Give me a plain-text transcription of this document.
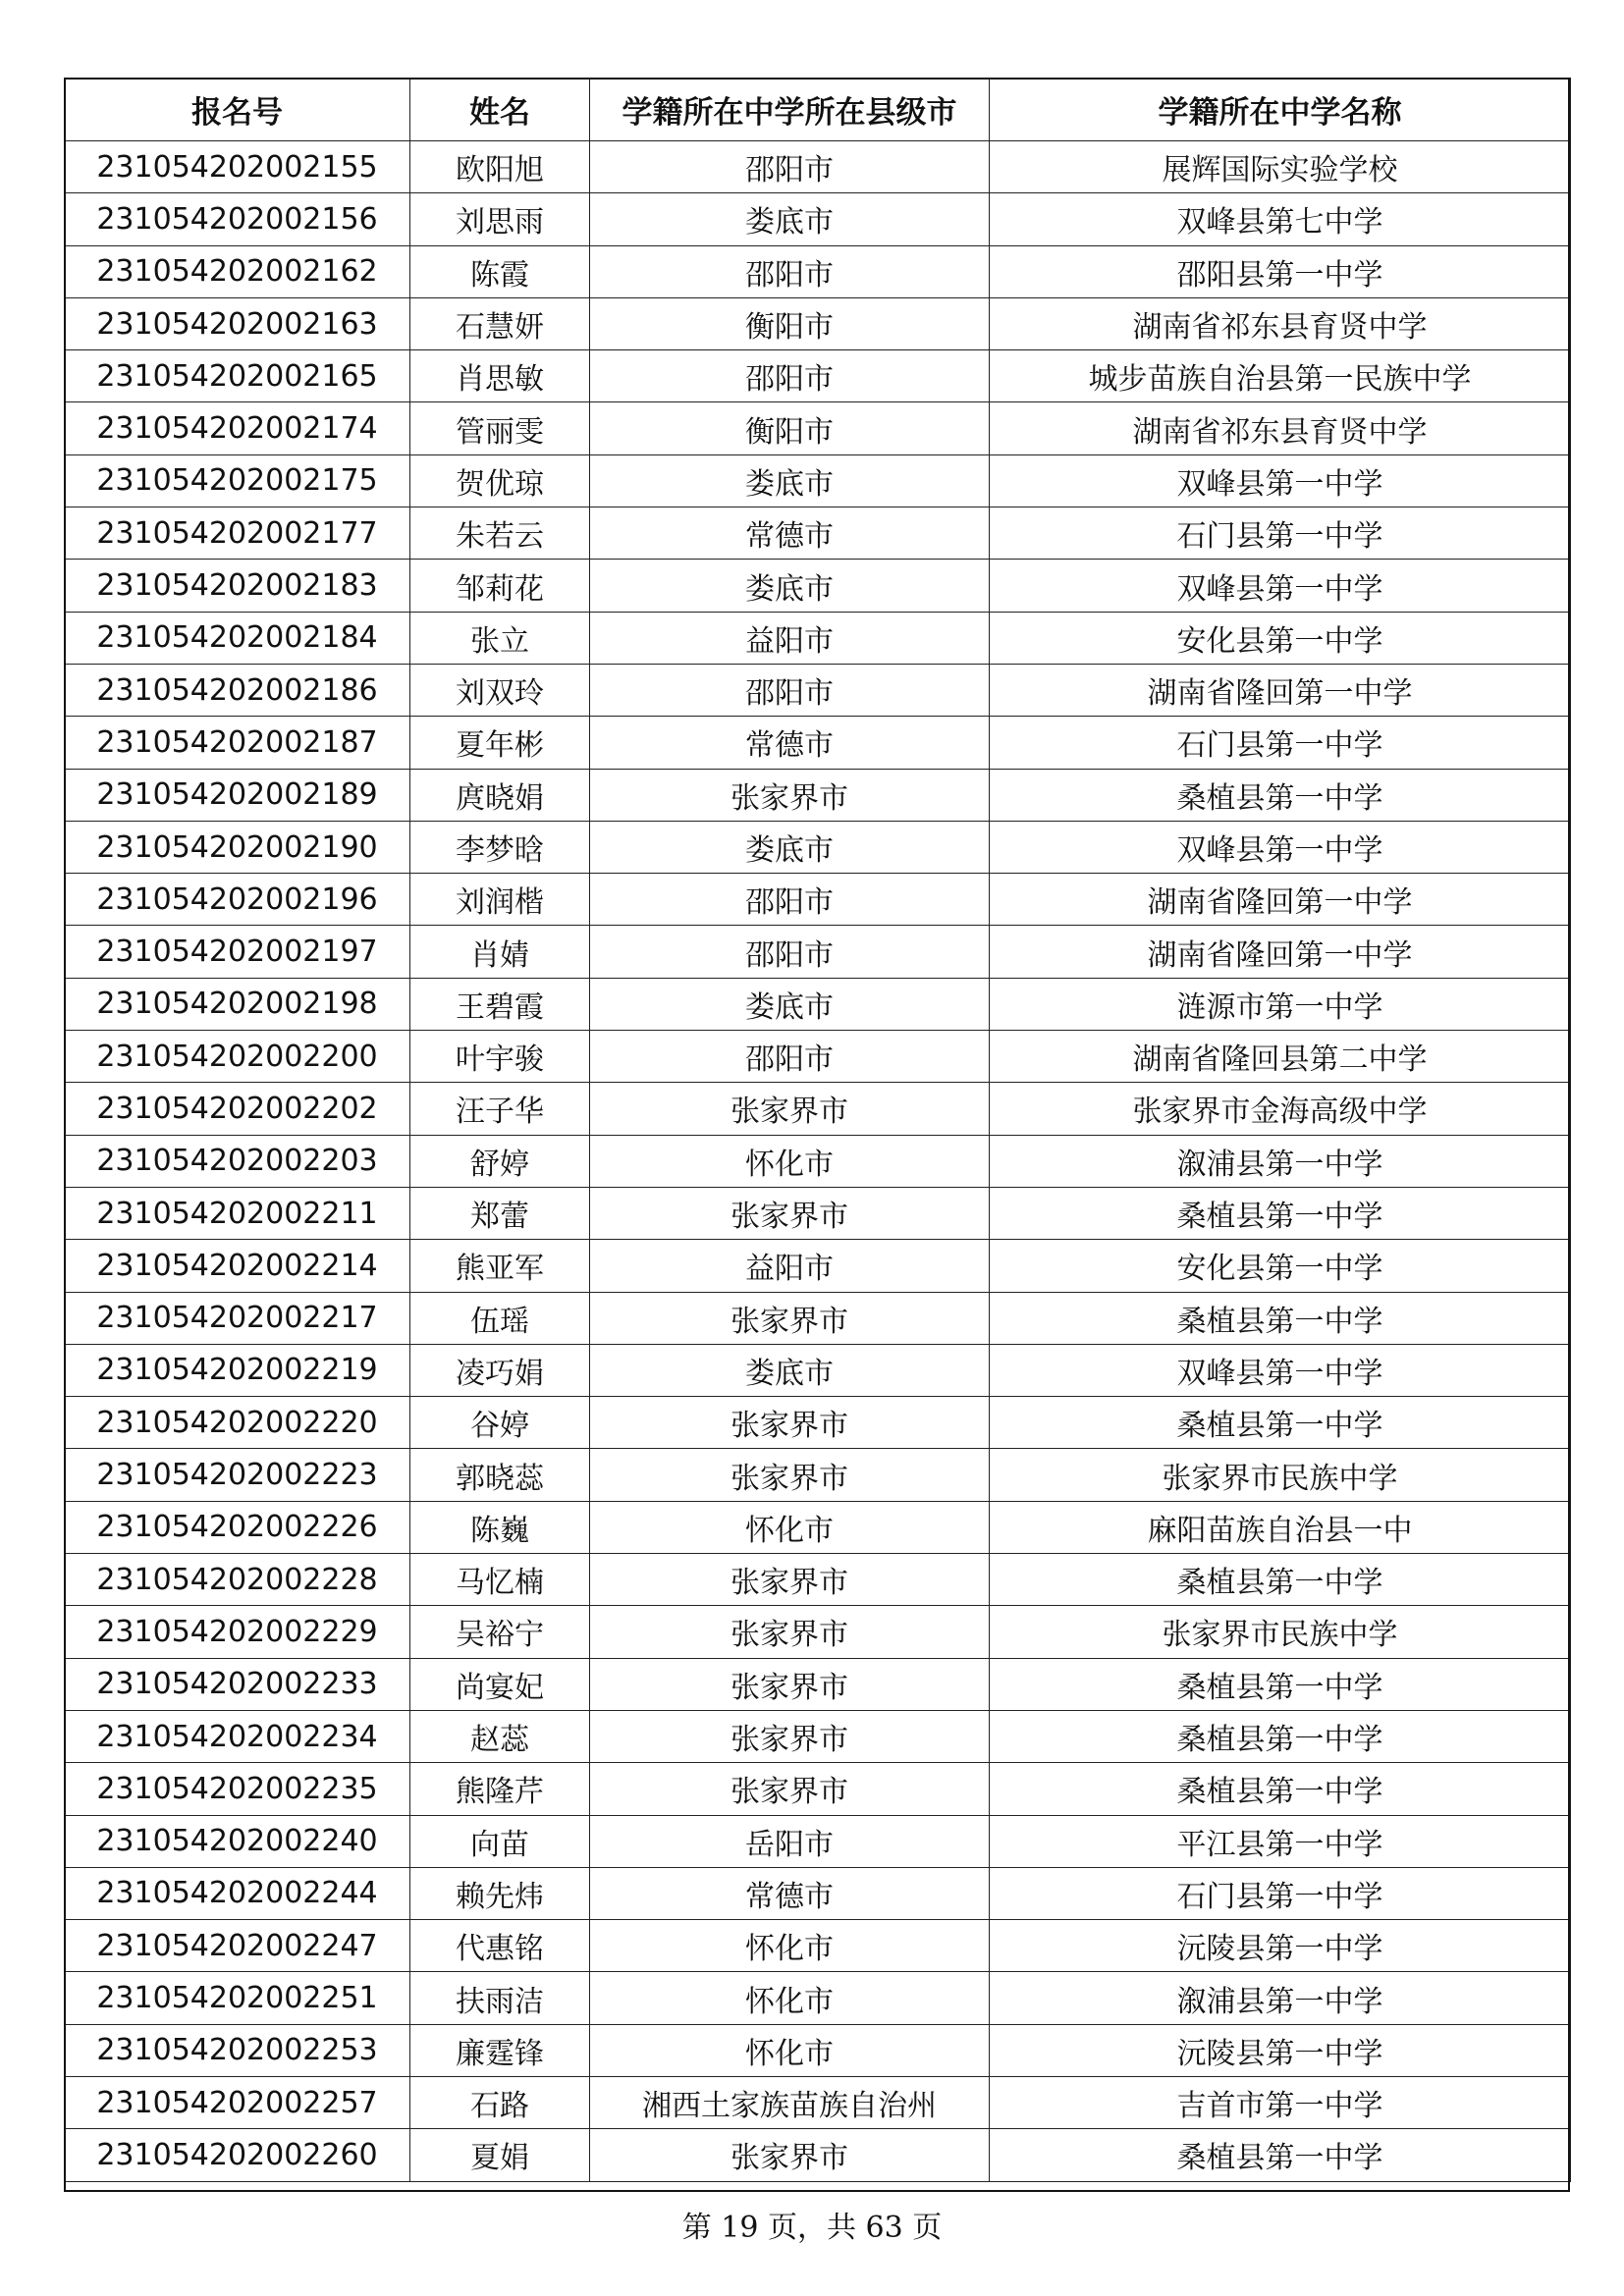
报名号	姓名	学籍所在中学所在县级市	学籍所在中学名称
231054202002155	欧阳旭	邵阳市	展辉国际实验学校
231054202002156	刘思雨	娄底市	双峰县第七中学
231054202002162	陈霞	邵阳市	邵阳县第一中学
231054202002163	石慧妍	衡阳市	湖南省祁东县育贤中学
231054202002165	肖思敏	邵阳市	城步苗族自治县第一民族中学
231054202002174	管丽雯	衡阳市	湖南省祁东县育贤中学
231054202002175	贺优琼	娄底市	双峰县第一中学
231054202002177	朱若云	常德市	石门县第一中学
231054202002183	邹莉花	娄底市	双峰县第一中学
231054202002184	张立	益阳市	安化县第一中学
231054202002186	刘双玲	邵阳市	湖南省隆回第一中学
231054202002187	夏年彬	常德市	石门县第一中学
231054202002189	庹晓娟	张家界市	桑植县第一中学
231054202002190	李梦晗	娄底市	双峰县第一中学
231054202002196	刘润楷	邵阳市	湖南省隆回第一中学
231054202002197	肖婧	邵阳市	湖南省隆回第一中学
231054202002198	王碧霞	娄底市	涟源市第一中学
231054202002200	叶宇骏	邵阳市	湖南省隆回县第二中学
231054202002202	汪子华	张家界市	张家界市金海高级中学
231054202002203	舒婷	怀化市	溆浦县第一中学
231054202002211	郑蕾	张家界市	桑植县第一中学
231054202002214	熊亚军	益阳市	安化县第一中学
231054202002217	伍瑶	张家界市	桑植县第一中学
231054202002219	凌巧娟	娄底市	双峰县第一中学
231054202002220	谷婷	张家界市	桑植县第一中学
231054202002223	郭晓蕊	张家界市	张家界市民族中学
231054202002226	陈巍	怀化市	麻阳苗族自治县一中
231054202002228	马忆楠	张家界市	桑植县第一中学
231054202002229	吴裕宁	张家界市	张家界市民族中学
231054202002233	尚宴妃	张家界市	桑植县第一中学
231054202002234	赵蕊	张家界市	桑植县第一中学
231054202002235	熊隆芹	张家界市	桑植县第一中学
231054202002240	向苗	岳阳市	平江县第一中学
231054202002244	赖先炜	常德市	石门县第一中学
231054202002247	代惠铭	怀化市	沅陵县第一中学
231054202002251	扶雨洁	怀化市	溆浦县第一中学
231054202002253	廉霆锋	怀化市	沅陵县第一中学
231054202002257	石路	湘西土家族苗族自治州	吉首市第一中学
231054202002260	夏娟	张家界市	桑植县第一中学
第 19 页，共 63 页
